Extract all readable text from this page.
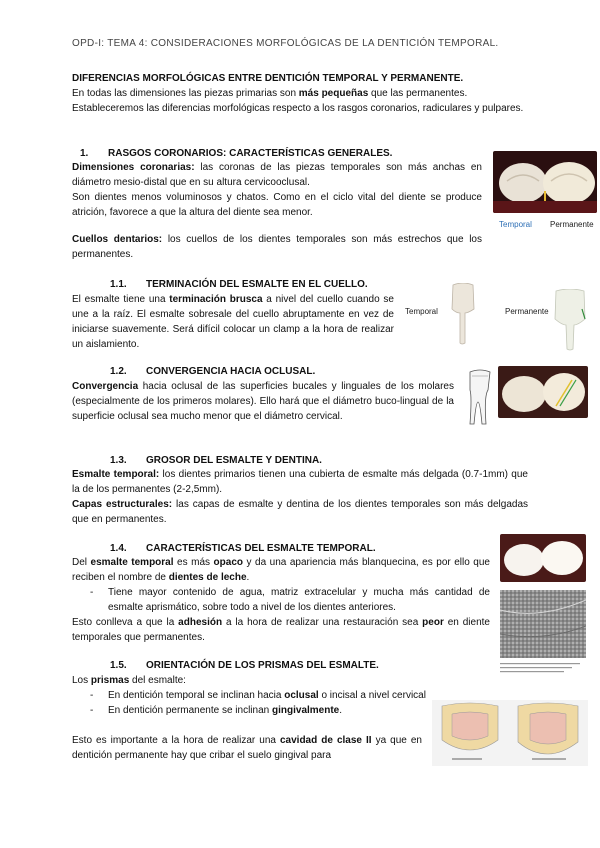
OPD-I: TEMA 4: CONSIDERACIONES MORFOLÓGICAS DE LA DENTICIÓN TEMPORAL.
DIFERENCIAS MORFOLÓGICAS ENTRE DENTICIÓN TEMPORAL Y PERMANENTE.
En todas las dimensiones las piezas primarias son más pequeñas que las permanentes.
Estableceremos las diferencias morfológicas respecto a los rasgos coronarios, radiculares y pulpares.
1. RASGOS CORONARIOS: CARACTERÍSTICAS GENERALES.
Dimensiones coronarias: las coronas de las piezas temporales son más anchas en diámetro mesio-distal que en su altura cervicooclusal.
Son dientes menos voluminosos y chatos. Como en el ciclo vital del diente se produce atrición, favorece a que la altura del diente sea menor.
Cuellos dentarios: los cuellos de los dientes temporales son más estrechos que los permanentes.
Temporal Permanente
1.1. TERMINACIÓN DEL ESMALTE EN EL CUELLO.
El esmalte tiene una terminación brusca a nivel del cuello cuando se une a la raíz. El esmalte sobresale del cuello abruptamente en vez de iniciarse suavemente. Será difícil colocar un clamp a la hora de realizar un aislamiento.
Temporal	Permanente
1.2. CONVERGENCIA HACIA OCLUSAL.
Convergencia hacia oclusal de las superficies bucales y linguales de los molares (especialmente de los primeros molares). Ello hará que el diámetro buco-lingual de la superficie oclusal sea mucho menor que el diámetro cervical.
1.3. GROSOR DEL ESMALTE Y DENTINA.
Esmalte temporal: los dientes primarios tienen una cubierta de esmalte más delgada (0.7-1mm) que la de los permanentes (2-2,5mm).
Capas estructurales: las capas de esmalte y dentina de los dientes temporales son más delgadas que en permanentes.
1.4. CARACTERÍSTICAS DEL ESMALTE TEMPORAL.
Del esmalte temporal es más opaco y da una apariencia más blanquecina, es por ello que reciben el nombre de dientes de leche.
- Tiene mayor contenido de agua, matriz extracelular y mucha más cantidad de esmalte aprismático, sobre todo a nivel de los dientes anteriores.
Esto conlleva a que la adhesión a la hora de realizar una restauración sea peor en diente temporales que permanentes.
1.5. ORIENTACIÓN DE LOS PRISMAS DEL ESMALTE.
Los prismas del esmalte:
- En dentición temporal se inclinan hacia oclusal o incisal a nivel cervical
- En dentición permanente se inclinan gingivalmente.
Esto es importante a la hora de realizar una cavidad de clase II ya que en dentición permanente hay que cribar el suelo gingival para
